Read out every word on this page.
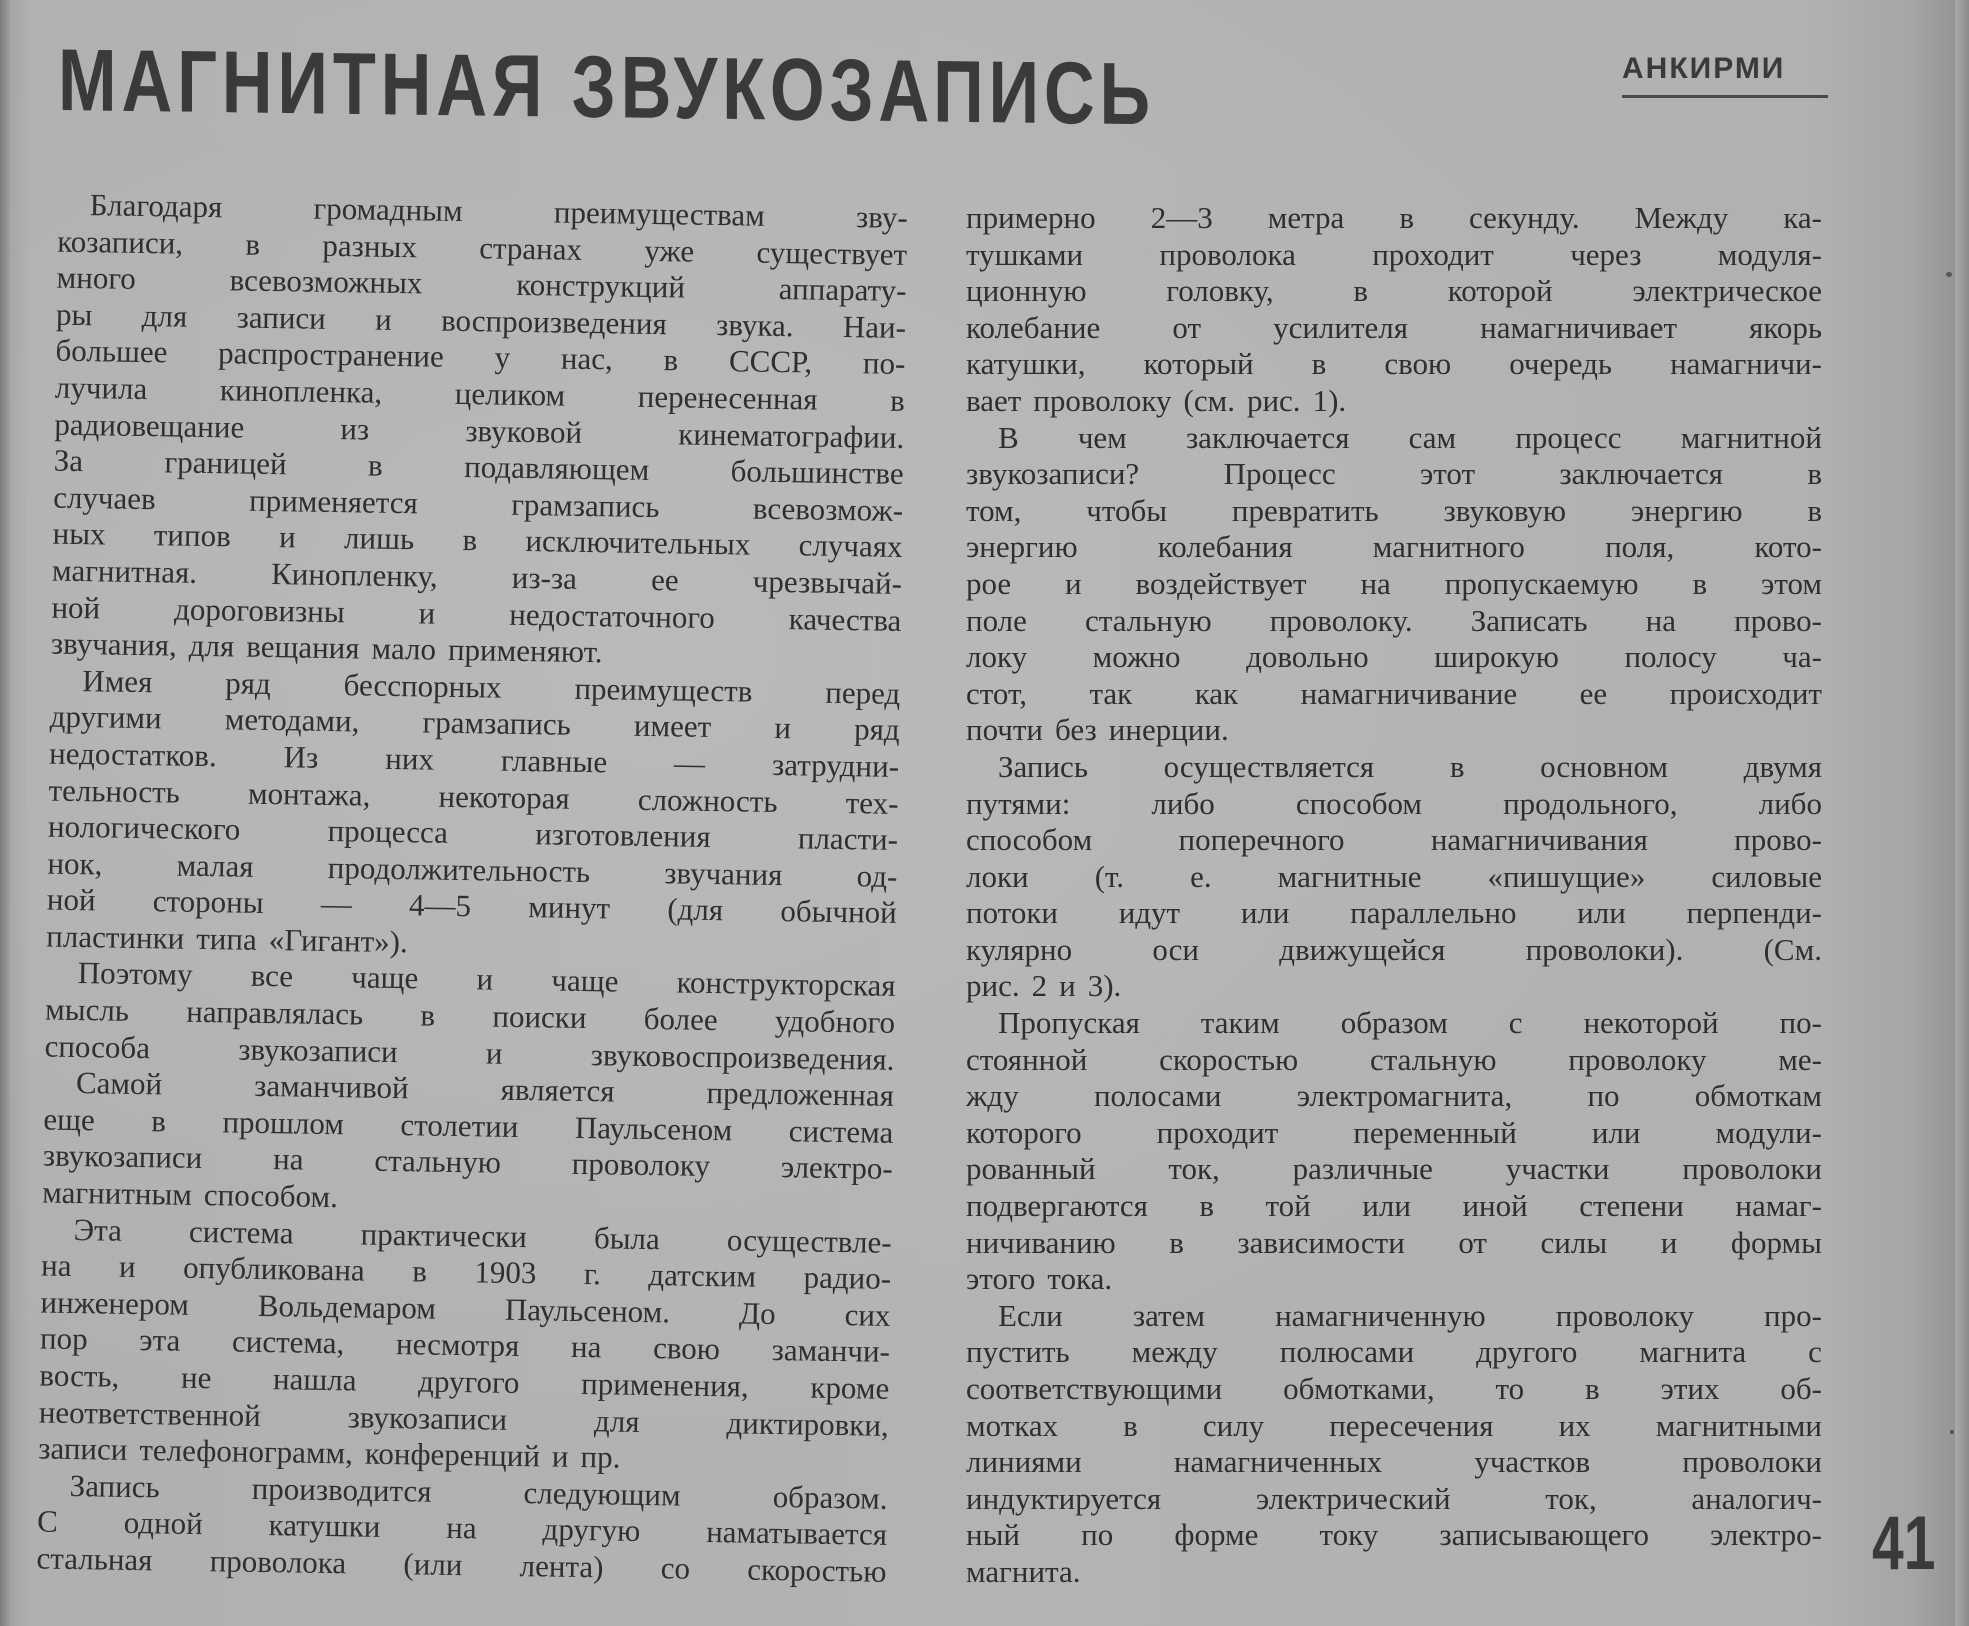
МАГНИТНАЯ ЗВУКОЗАПИСЬ	АНКИРМИ
Благодаря	громадным	преимуществам	зву-
козаписи, в разных странах уже существует
много	всевозможных	конструкций	аппарату-
ры для записи и воспроизведения звука. Наи-
большее распространение у нас, в СССР, по-
лучила кинопленка, целиком перенесенная в
радиовещание	из	звуковой	кинематографии.
За	границей	в	подавляющем	большинстве
случаев	применяется	грамзапись	всевозмож-
ных типов и лишь в исключительных случаях
магнитная. Кинопленку, из-за ее чрезвычай-
ной дороговизны и недостаточного качества
звучания, для вещания мало применяют.
Имея ряд бесспорных преимуществ перед
другими методами, грамзапись имеет и ряд
недостатков. Из них главные — затрудни-
тельность монтажа, некоторая сложность тех-
нологического	процесса	изготовления	пласти-
нок, малая продолжительность звучания од-
ной стороны — 4—5 минут (для обычной
пластинки типа «Гигант»).
Поэтому все чаще и чаще конструкторская
мысль направлялась в поиски более удобного
способа	звукозаписи	и	звуковоспроизведения.
Самой	заманчивой	является	предложенная
еще в прошлом столетии Паульсеном система
звукозаписи на стальную проволоку электро-
магнитным способом.
Эта система практически была осуществле-
на и опубликована в 1903 г. датским радио-
инженером Вольдемаром Паульсеном. До сих
пор эта система, несмотря на свою заманчи-
вость, не нашла другого применения, кроме
неответственной	звукозаписи	для	диктировки,
записи телефонограмм, конференций и пр.
Запись	производится	следующим	образом.
С одной катушки на другую наматывается
стальная проволока (или лента) со скоростью
примерно 2—3 метра в секунду. Между ка-
тушками проволока проходит через модуля-
ционную	головку,	в	которой	электрическое
колебание от усилителя намагничивает якорь
катушки, который в свою очередь намагничи-
вает проволоку (см. рис. 1).
В чем заключается сам процесс магнитной
звукозаписи?	Процесс	этот	заключается	в
том, чтобы превратить звуковую энергию в
энергию	колебания	магнитного	поля,	кото-
рое и воздействует на пропускаемую в этом
поле стальную проволоку. Записать на прово-
локу можно довольно широкую полосу ча-
стот, так как намагничивание ее происходит
почти без инерции.
Запись осуществляется в основном двумя
путями:	либо	способом	продольного,	либо
способом	поперечного	намагничивания	прово-
локи (т. е. магнитные «пишущие» силовые
потоки идут или параллельно или перпенди-
кулярно	оси	движущейся	проволоки).	(См.
рис. 2 и 3).
Пропуская таким образом с некоторой по-
стоянной скоростью стальную проволоку ме-
жду полосами электромагнита, по обмоткам
которого проходит переменный или модули-
рованный ток, различные участки проволоки
подвергаются в той или иной степени намаг-
ничиванию в зависимости от силы и формы
этого тока.
Если затем намагниченную проволоку про-
пустить между полюсами другого магнита с
соответствующими обмотками, то в этих об-
мотках в силу пересечения их магнитными
линиями	намагниченных	участков	проволоки
индуктируется	электрический	ток,	аналогич-
ный по форме току записывающего электро-
магнита.	41
